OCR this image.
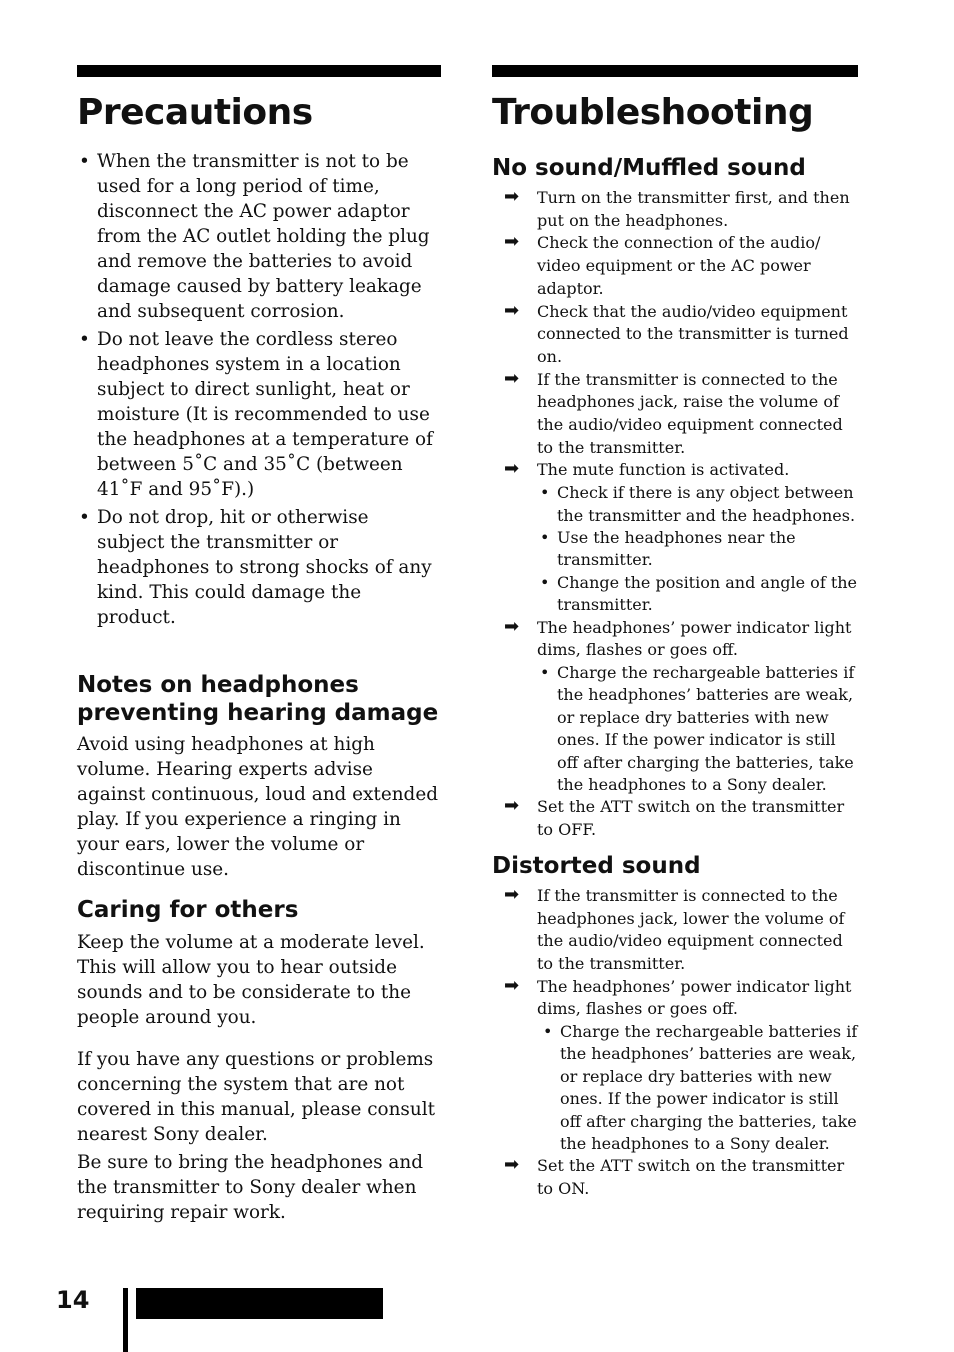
Precautions
• When the transmitter is not to be used for a long period of time, disconnect the AC power adaptor from the AC outlet holding the plug and remove the batteries to avoid damage caused by battery leakage and subsequent corrosion.
• Do not leave the cordless stereo headphones system in a location subject to direct sunlight, heat or moisture (It is recommended to use the headphones at a temperature of between 5˚C and 35˚C (between 41˚F and 95˚F).)
• Do not drop, hit or otherwise subject the transmitter or headphones to strong shocks of any kind. This could damage the product.
Notes on headphones preventing hearing damage

Avoid using headphones at high volume. Hearing experts advise against continuous, loud and extended play. If you experience a ringing in your ears, lower the volume or discontinue use.

Caring for others

Keep the volume at a moderate level. This will allow you to hear outside sounds and to be considerate to the people around you.

If you have any questions or problems concerning the system that are not covered in this manual, please consult nearest Sony dealer.

Be sure to bring the headphones and the transmitter to Sony dealer when requiring repair work.

Troubleshooting
No sound/Muffled sound
➡ Turn on the transmitter first, and then put on the headphones.
➡ Check the connection of the audio/ video equipment or the AC power adaptor.
➡ Check that the audio/video equipment connected to the transmitter is turned on.
➡ If the transmitter is connected to the headphones jack, raise the volume of the audio/video equipment connected to the transmitter.
➡ The mute function is activated.
• Check if there is any object between the transmitter and the headphones.
• Use the headphones near the transmitter.
• Change the position and angle of the transmitter.
➡ The headphones’ power indicator light dims, flashes or goes off.
• Charge the rechargeable batteries if the headphones’ batteries are weak, or replace dry batteries with new ones. If the power indicator is still off after charging the batteries, take the headphones to a Sony dealer.
➡ Set the ATT switch on the transmitter to OFF.
Distorted sound
➡ If the transmitter is connected to the headphones jack, lower the volume of the audio/video equipment connected to the transmitter.
➡ The headphones’ power indicator light dims, flashes or goes off.
• Charge the rechargeable batteries if the headphones’ batteries are weak, or replace dry batteries with new ones. If the power indicator is still off after charging the batteries, take the headphones to a Sony dealer.
➡ Set the ATT switch on the transmitter to ON.
14
